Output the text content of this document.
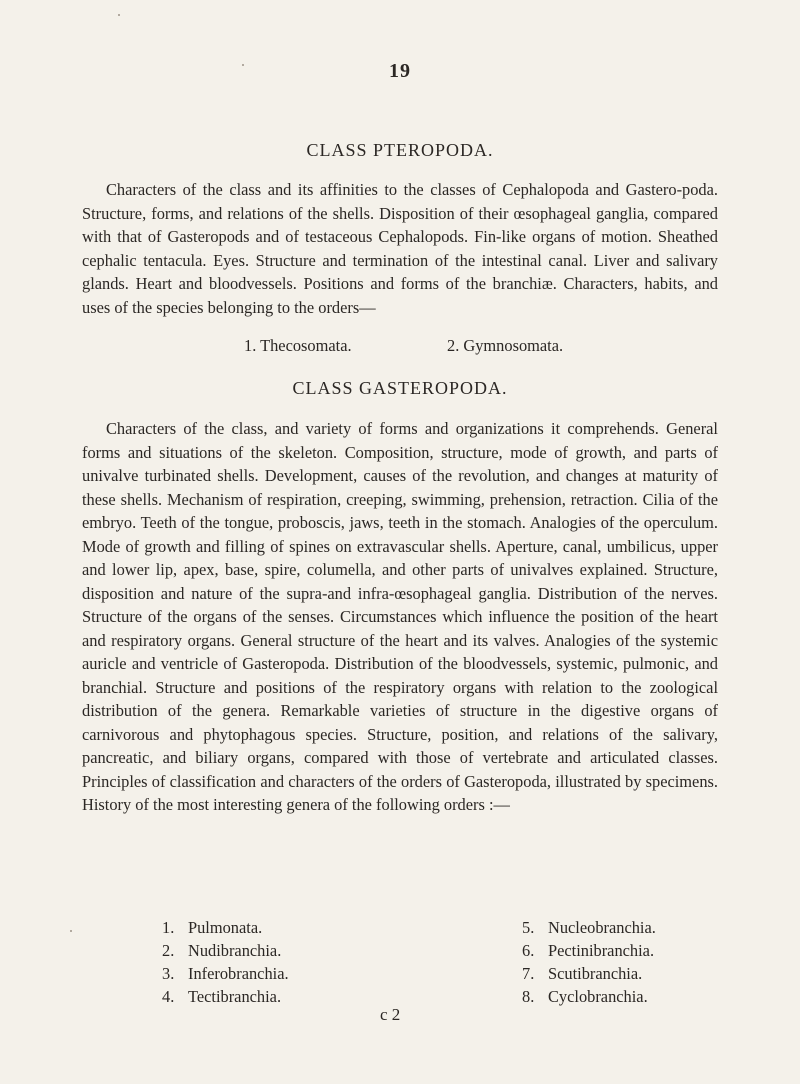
19
CLASS PTEROPODA.

Characters of the class and its affinities to the classes of Cephalopoda and Gastero-poda. Structure, forms, and relations of the shells. Disposition of their œsophageal ganglia, compared with that of Gasteropods and of testaceous Cephalopods. Fin-like organs of motion. Sheathed cephalic tentacula. Eyes. Structure and termination of the intestinal canal. Liver and salivary glands. Heart and bloodvessels. Positions and forms of the branchiæ. Characters, habits, and uses of the species belonging to the orders—

1. Thecosomata.	2. Gymnosomata.
CLASS GASTEROPODA.

Characters of the class, and variety of forms and organizations it comprehends. General forms and situations of the skeleton. Composition, structure, mode of growth, and parts of univalve turbinated shells. Development, causes of the revolution, and changes at maturity of these shells. Mechanism of respiration, creeping, swimming, prehension, retraction. Cilia of the embryo. Teeth of the tongue, proboscis, jaws, teeth in the stomach. Analogies of the operculum. Mode of growth and filling of spines on extravascular shells. Aperture, canal, umbilicus, upper and lower lip, apex, base, spire, columella, and other parts of univalves explained. Structure, disposition and nature of the supra-and infra-œsophageal ganglia. Distribution of the nerves. Structure of the organs of the senses. Circumstances which influence the position of the heart and respiratory organs. General structure of the heart and its valves. Analogies of the systemic auricle and ventricle of Gasteropoda. Distribution of the bloodvessels, systemic, pulmonic, and branchial. Structure and positions of the respiratory organs with relation to the zoological distribution of the genera. Remarkable varieties of structure in the digestive organs of carnivorous and phytophagous species. Structure, position, and relations of the salivary, pancreatic, and biliary organs, compared with those of vertebrate and articulated classes. Principles of classification and characters of the orders of Gasteropoda, illustrated by specimens. History of the most interesting genera of the following orders :—

1. Pulmonata.
2. Nudibranchia.
3. Inferobranchia.
4. Tectibranchia.
5. Nucleobranchia.
6. Pectinibranchia.
7. Scutibranchia.
8. Cyclobranchia.
c 2
